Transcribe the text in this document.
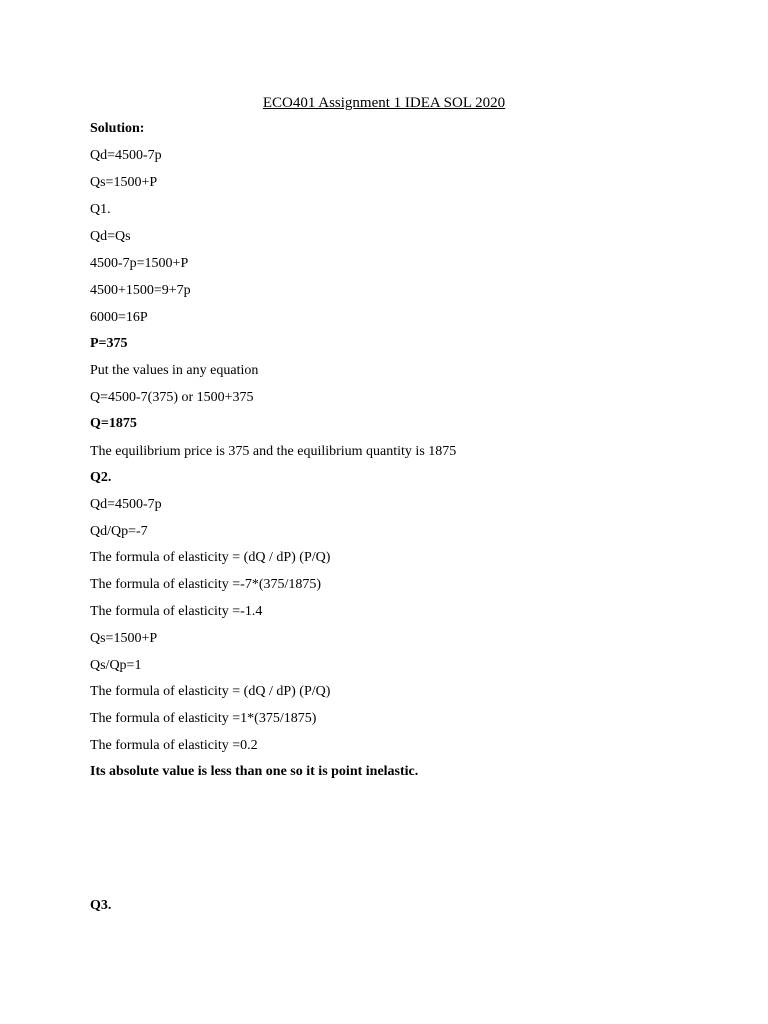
ECO401 Assignment 1 IDEA SOL 2020
Solution:
Qd=4500-7p
Qs=1500+P
Q1.
Qd=Qs
4500-7p=1500+P
4500+1500=9+7p
6000=16P
P=375
Put the values in any equation
Q=4500-7(375) or 1500+375
Q=1875
The equilibrium price is 375 and the equilibrium quantity is 1875
Q2.
Qd=4500-7p
Qd/Qp=-7
The formula of elasticity = (dQ / dP) (P/Q)
The formula of elasticity =-7*(375/1875)
The formula of elasticity =-1.4
Qs=1500+P
Qs/Qp=1
The formula of elasticity = (dQ / dP) (P/Q)
The formula of elasticity =1*(375/1875)
The formula of elasticity =0.2
Its absolute value is less than one so it is point inelastic.
Q3.
